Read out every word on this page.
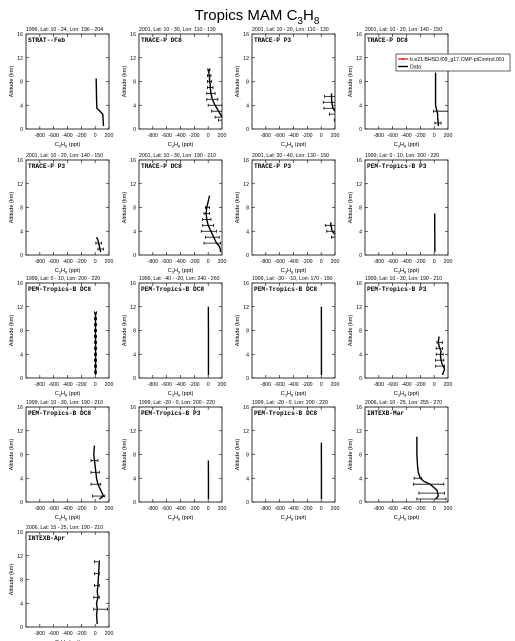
Tropics MAM $C_3H_8$
1996, Lat: 10 - 24, Lon: 196 - 204
STRAT--Feb
0
4
8
12
16
-800 -600 -400 -200 0 200
Altitude (km)
$C_3H_8$ (ppt)
2001, Lat: 10 - 30, Lon: 110 - 130
TRACE-P DC8
0
4
8
12
16
-800 -600 -400 -200 0 200
Altitude (km)
$C_3H_8$ (ppt)
2001, Lat: 10 - 20, Lon: 110 - 130
TRACE-P P3
0
4
8
12
16
-800 -600 -400 -200 0 200
Altitude (km)
$C_3H_8$ (ppt)
2001, Lat: 10 - 20, Lon: 140 - 150
TRACE-P DC8
0
4
8
12
16
-800 -600 -400 -200 0 200
Altitude (km)
$C_3H_8$ (ppt)
2001, Lat: 10 - 20, Lon: 140 - 150
TRACE-P P3
0
4
8
12
16
-800 -600 -400 -200 0 200
Altitude (km)
$C_3H_8$ (ppt)
2001, Lat: 10 - 30, Lon: 190 - 210
TRACE-P DC8
0
4
8
12
16
-800 -600 -400 -200 0 200
Altitude (km)
$C_3H_8$ (ppt)
2001, Lat: 20 - 40, Lon: 130 - 150
TRACE-P P3
0
4
8
12
16
-800 -600 -400 -200 0 200
Altitude (km)
$C_3H_8$ (ppt)
1999, Lat: 0 - 10, Lon: 200 - 220
PEM-Tropics-B P3
0
4
8
12
16
-800 -600 -400 -200 0 200
Altitude (km)
$C_3H_8$ (ppt)
1999, Lat: 0 - 10, Lon: 200 - 220
PEM-Tropics-B DC8
0
4
8
12
16
-800 -600 -400 -200 0 200
Altitude (km)
$C_3H_8$ (ppt)
1999, Lat: -40 - -20, Lon: 240 - 260
PEM-Tropics-B DC8
0
4
8
12
16
-800 -600 -400 -200 0 200
Altitude (km)
$C_3H_8$ (ppt)
1999, Lat: -30 - -10, Lon: 170 - 190
PEM-Tropics-B DC8
0
4
8
12
16
-800 -600 -400 -200 0 200
Altitude (km)
$C_3H_8$ (ppt)
1999, Lat: 10 - 30, Lon: 190 - 210
PEM-Tropics-B P3
0
4
8
12
16
-800 -600 -400 -200 0 200
Altitude (km)
$C_3H_8$ (ppt)
1999, Lat: 10 - 30, Lon: 190 - 210
PEM-Tropics-B DC8
0
4
8
12
16
-800 -600 -400 -200 0 200
Altitude (km)
$C_3H_8$ (ppt)
1999, Lat: -20 - 0, Lon: 200 - 220
PEM-Tropics-B P3
0
4
8
12
16
-800 -600 -400 -200 0 200
Altitude (km)
$C_3H_8$ (ppt)
1999, Lat: -20 - 0, Lon: 200 - 220
PEM-Tropics-B DC8
0
4
8
12
16
-800 -600 -400 -200 0 200
Altitude (km)
$C_3H_8$ (ppt)
2006, Lat: 10 - 25, Lon: 255 - 270
INTEXB-Mar
0
4
8
12
16
-800 -600 -400 -200 0 200
Altitude (km)
$C_3H_8$ (ppt)
2006, Lat: 15 - 25, Lon: 190 - 210
INTEXB-Apr
0
4
8
12
16
-800 -600 -400 -200 0 200
Altitude (km)
b.e21.BHSD.f09_g17.CMP-piControl.001
Data
